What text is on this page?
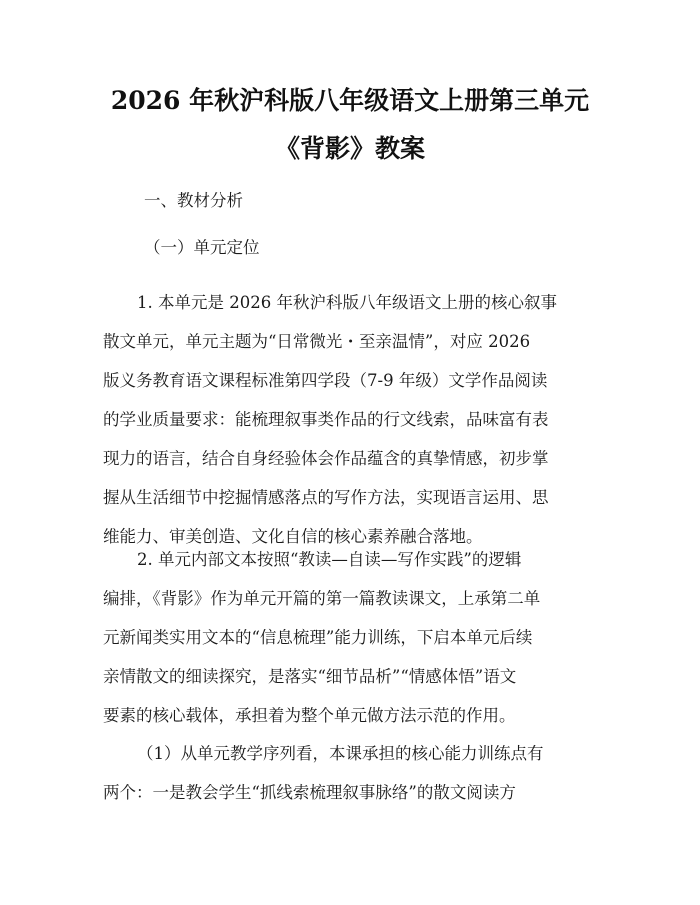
2026 年秋沪科版八年级语文上册第三单元
《背影》教案
一、教材分析
（一）单元定位
1. 本单元是 2026 年秋沪科版八年级语文上册的核心叙事
散文单元，单元主题为“日常微光・至亲温情”，对应 2026
版义务教育语文课程标准第四学段（7-9 年级）文学作品阅读
的学业质量要求：能梳理叙事类作品的行文线索，品味富有表
现力的语言，结合自身经验体会作品蕴含的真挚情感，初步掌
握从生活细节中挖掘情感落点的写作方法，实现语言运用、思
维能力、审美创造、文化自信的核心素养融合落地。
2. 单元内部文本按照“教读—自读—写作实践”的逻辑
编排，《背影》作为单元开篇的第一篇教读课文，上承第二单
元新闻类实用文本的“信息梳理”能力训练，下启本单元后续
亲情散文的细读探究，是落实“细节品析”“情感体悟”语文
要素的核心载体，承担着为整个单元做方法示范的作用。
（1）从单元教学序列看，本课承担的核心能力训练点有
两个：一是教会学生“抓线索梳理叙事脉络”的散文阅读方
